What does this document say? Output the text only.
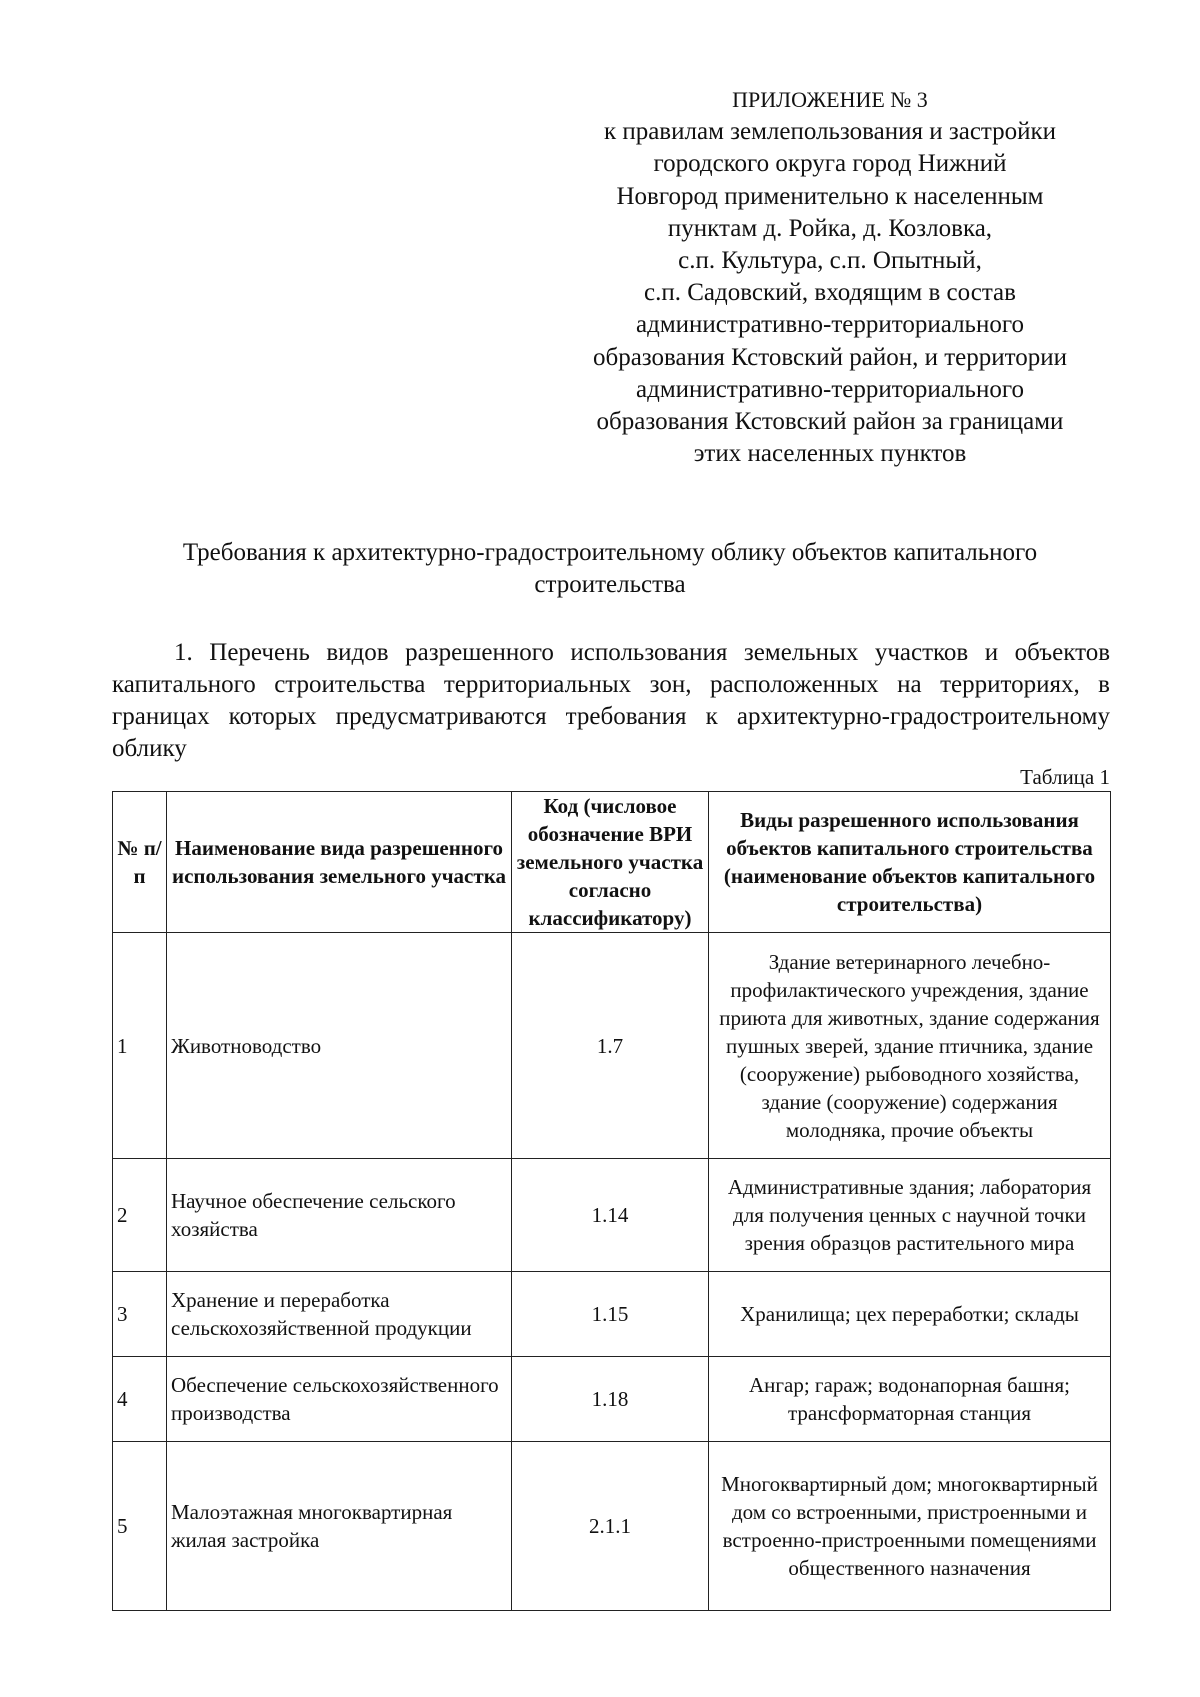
ПРИЛОЖЕНИЕ № 3
к правилам землепользования и застройки
городского округа город Нижний
Новгород применительно к населенным
пунктам д. Ройка, д. Козловка,
с.п. Культура, с.п. Опытный,
с.п. Садовский, входящим в состав
административно-территориального
образования Кстовский район, и территории
административно-территориального
образования Кстовский район за границами
этих населенных пунктов
Требования к архитектурно-градостроительному облику объектов капитального строительства
1. Перечень видов разрешенного использования земельных участков и объектов капитального строительства территориальных зон, расположенных на территориях, в границах которых предусматриваются требования к архитектурно-градостроительному облику
Таблица 1
№ п/п	Наименование вида разрешенного использования земельного участка	Код (числовое обозначение ВРИ земельного участка согласно классификатору)	Виды разрешенного использования объектов капитального строительства (наименование объектов капитального строительства)
1	Животноводство	1.7	Здание ветеринарного лечебно-профилактического учреждения, здание приюта для животных, здание содержания пушных зверей, здание птичника, здание (сооружение) рыбоводного хозяйства, здание (сооружение) содержания молодняка, прочие объекты
2	Научное обеспечение сельского хозяйства	1.14	Административные здания; лаборатория для получения ценных с научной точки зрения образцов растительного мира
3	Хранение и переработка сельскохозяйственной продукции	1.15	Хранилища; цех переработки; склады
4	Обеспечение сельскохозяйственного производства	1.18	Ангар; гараж; водонапорная башня; трансформаторная станция
5	Малоэтажная многоквартирная жилая застройка	2.1.1	Многоквартирный дом; многоквартирный дом со встроенными, пристроенными и встроенно-пристроенными помещениями общественного назначения
